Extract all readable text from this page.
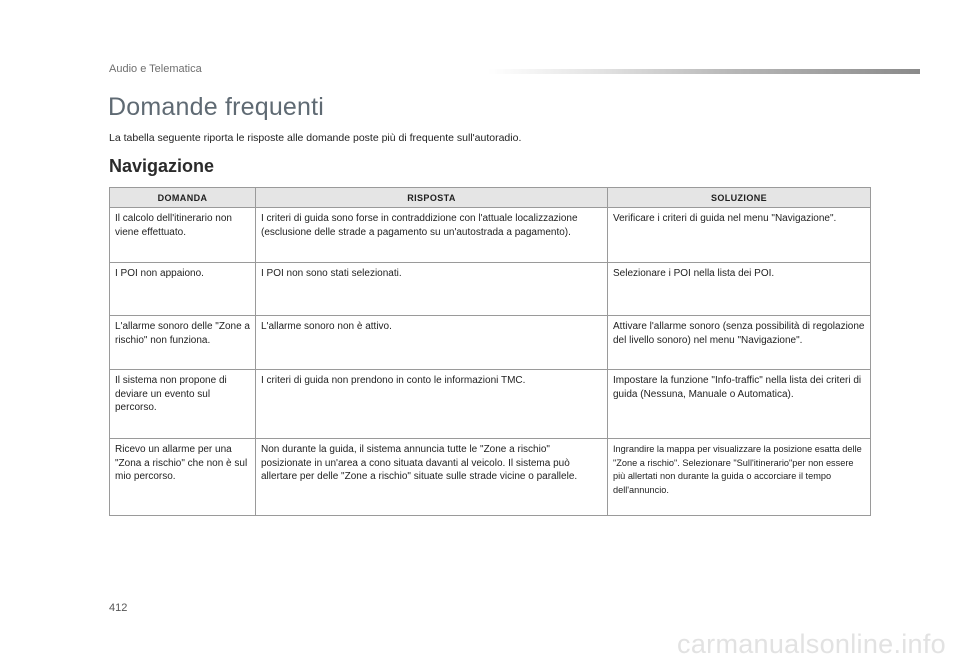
Audio e Telematica
Domande frequenti
La tabella seguente riporta le risposte alle domande poste più di frequente sull'autoradio.
Navigazione
DOMANDA	RISPOSTA	SOLUZIONE
Il calcolo dell'itinerario non viene effettuato.	I criteri di guida sono forse in contraddizione con l'attuale localizzazione (esclusione delle strade a pagamento su un'autostrada a pagamento).	Verificare i criteri di guida nel menu "Navigazione".
I POI non appaiono.	I POI non sono stati selezionati.	Selezionare i POI nella lista dei POI.
L'allarme sonoro delle "Zone a rischio" non funziona.	L'allarme sonoro non è attivo.	Attivare l'allarme sonoro (senza possibilità di regolazione del livello sonoro) nel menu "Navigazione".
Il sistema non propone di deviare un evento sul percorso.	I criteri di guida non prendono in conto le informazioni TMC.	Impostare la funzione "Info-traffic" nella lista dei criteri di guida (Nessuna, Manuale o Automatica).
Ricevo un allarme per una "Zona a rischio" che non è sul mio percorso.	Non durante la guida, il sistema annuncia tutte le "Zone a rischio" posizionate in un'area a cono situata davanti al veicolo. Il sistema può allertare per delle "Zone a rischio" situate sulle strade vicine o parallele.	Ingrandire la mappa per visualizzare la posizione esatta delle "Zone a rischio". Selezionare "Sull'itinerario"per non essere più allertati non durante la guida o accorciare il tempo dell'annuncio.
412
carmanualsonline.info
